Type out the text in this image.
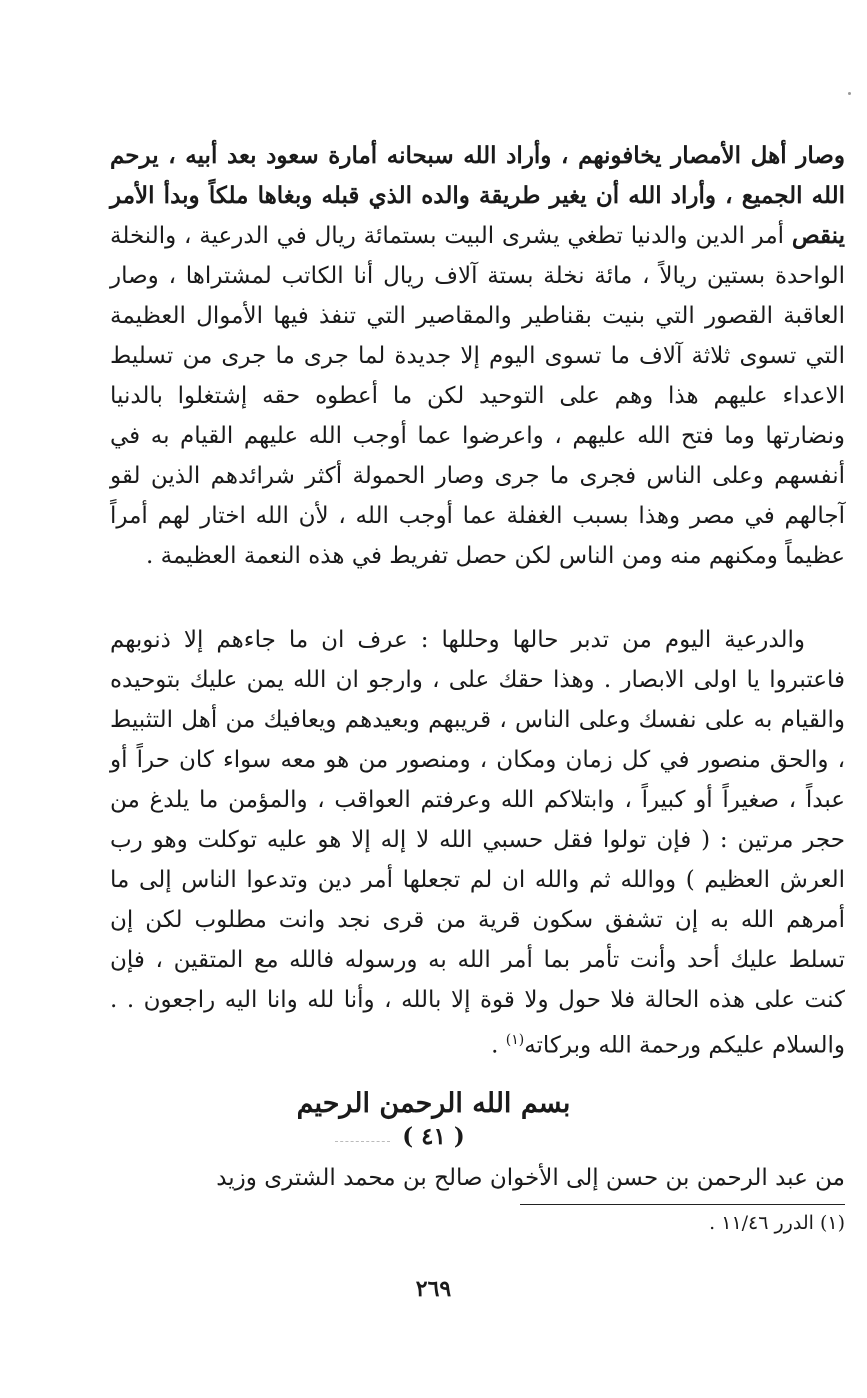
وصار أهل الأمصار يخافونهم ، وأراد الله سبحانه أمارة سعود بعد أبيه ، يرحم الله الجميع ، وأراد الله أن يغير طريقة والده الذي قبله وبغاها ملكاً وبدأ الأمر ينقص أمر الدين والدنيا تطغي يشرى البيت بستمائة ريال في الدرعية ، والنخلة الواحدة بستين ريالاً ، مائة نخلة بستة آلاف ريال أنا الكاتب لمشتراها ، وصار العاقبة القصور التي بنيت بقناطير والمقاصير التي تنفذ فيها الأموال العظيمة التي تسوى ثلاثة آلاف ما تسوى اليوم إلا جديدة لما جرى ما جرى من تسليط الاعداء عليهم هذا وهم على التوحيد لكن ما أعطوه حقه إشتغلوا بالدنيا ونضارتها وما فتح الله عليهم ، واعرضوا عما أوجب الله عليهم القيام به في أنفسهم وعلى الناس فجرى ما جرى وصار الحمولة أكثر شرائدهم الذين لقو آجالهم في مصر وهذا بسبب الغفلة عما أوجب الله ، لأن الله اختار لهم أمراً عظيماً ومكنهم منه ومن الناس لكن حصل تفريط في هذه النعمة العظيمة .

والدرعية اليوم من تدبر حالها وحللها : عرف ان ما جاءهم إلا ذنوبهم فاعتبروا يا اولى الابصار . وهذا حقك على ، وارجو ان الله يمن عليك بتوحيده والقيام به على نفسك وعلى الناس ، قريبهم وبعيدهم ويعافيك من أهل التثبيط ، والحق منصور في كل زمان ومكان ، ومنصور من هو معه سواء كان حراً أو عبداً ، صغيراً أو كبيراً ، وابتلاكم الله وعرفتم العواقب ، والمؤمن ما يلدغ من حجر مرتين : ( فإن تولوا فقل حسبي الله لا إله إلا هو عليه توكلت وهو رب العرش العظيم ) ووالله ثم والله ان لم تجعلها أمر دين وتدعوا الناس إلى ما أمرهم الله به إن تشفق سكون قرية من قرى نجد وانت مطلوب لكن إن تسلط عليك أحد وأنت تأمر بما أمر الله به ورسوله فالله مع المتقين ، فإن كنت على هذه الحالة فلا حول ولا قوة إلا بالله ، وأنا لله وانا اليه راجعون . . والسلام عليكم ورحمة الله وبركاته$^{(١)}$ .

بسم الله الرحمن الرحيم
( ٤١ )
من عبد الرحمن بن حسن إلى الأخوان صالح بن محمد الشترى وزيد
(١) الدرر ١١/٤٦ .
٢٦٩
